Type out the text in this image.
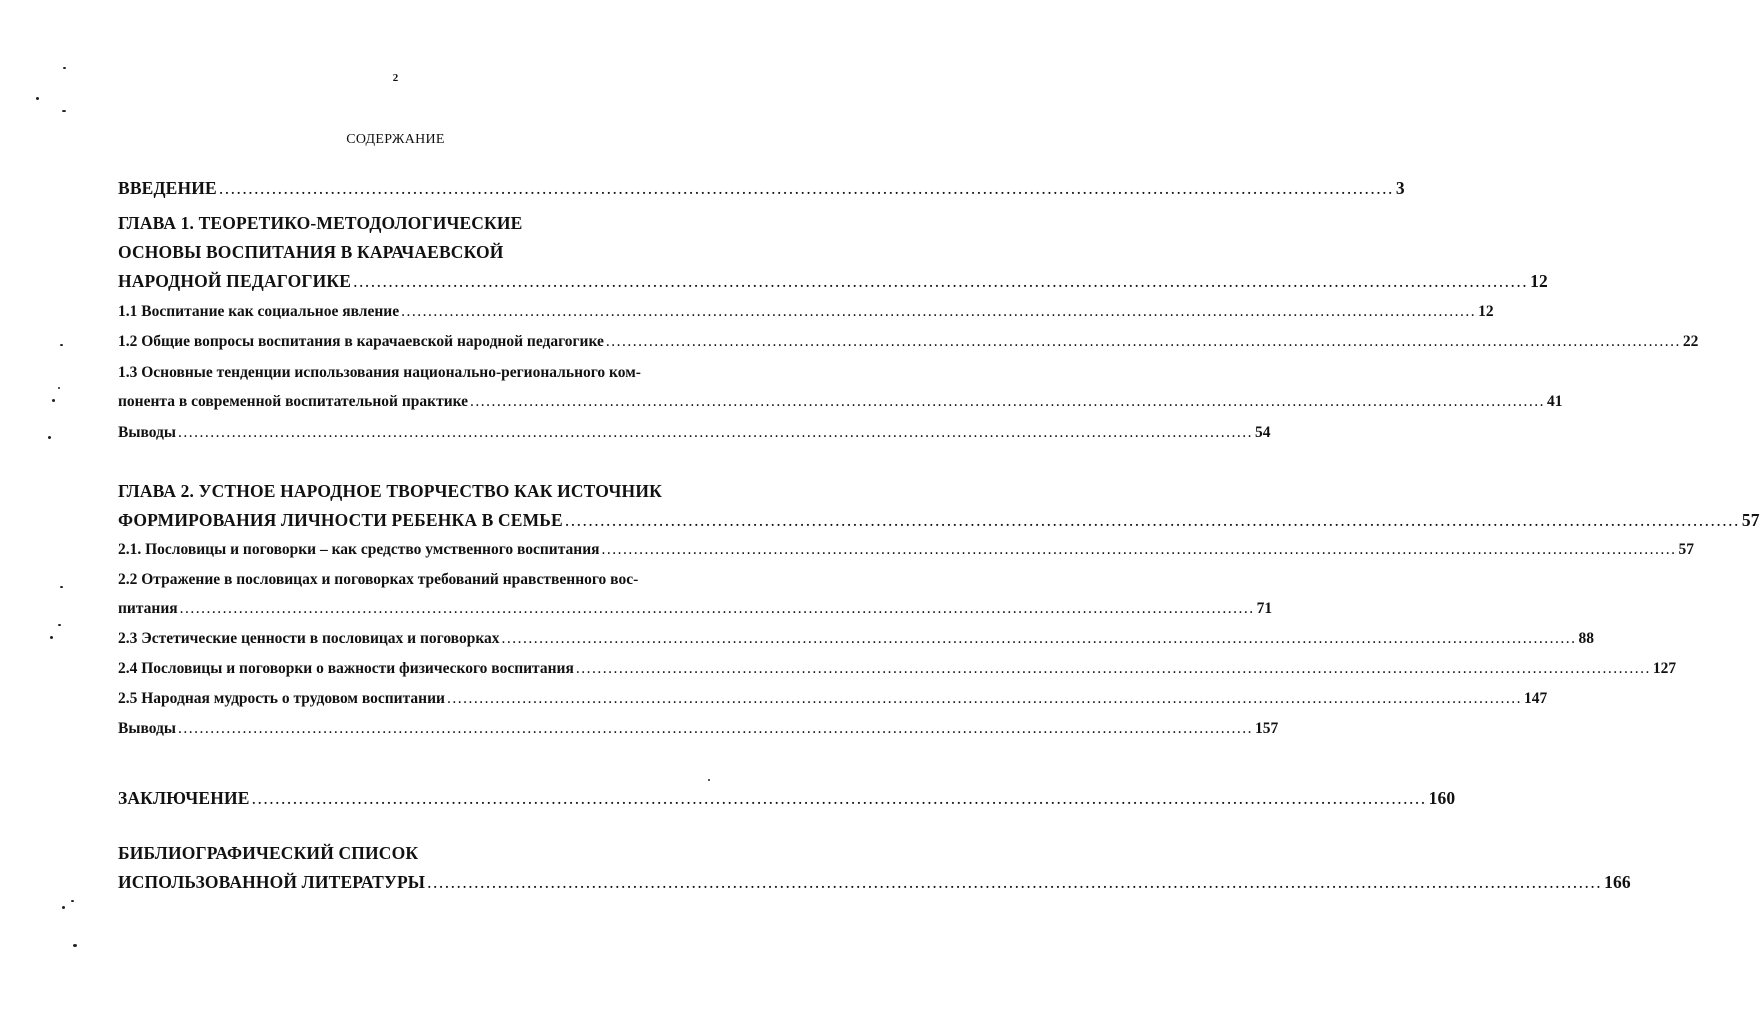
2
СОДЕРЖАНИЕ
ВВЕДЕНИЕ ........................................................................................................................................................................................................ 3
ГЛАВА 1. ТЕОРЕТИКО-МЕТОДОЛОГИЧЕСКИЕ
ОСНОВЫ ВОСПИТАНИЯ В КАРАЧАЕВСКОЙ
НАРОДНОЙ ПЕДАГОГИКЕ ........................................................................................................................................................................................................ 12
1.1 Воспитание как социальное явление ........................................................................................................................................................................................................ 12
1.2 Общие вопросы воспитания в карачаевской народной педагогике ........................................................................................................................................................................................................ 22
1.3 Основные тенденции использования национально-регионального ком-
понента в современной воспитательной практике ........................................................................................................................................................................................................ 41
Выводы ........................................................................................................................................................................................................ 54
ГЛАВА 2. УСТНОЕ НАРОДНОЕ ТВОРЧЕСТВО КАК ИСТОЧНИК
ФОРМИРОВАНИЯ ЛИЧНОСТИ РЕБЕНКА В СЕМЬЕ ........................................................................................................................................................................................................ 57
2.1. Пословицы и поговорки – как средство умственного воспитания ........................................................................................................................................................................................................ 57
2.2 Отражение в пословицах и поговорках требований нравственного вос-
питания ........................................................................................................................................................................................................ 71
2.3 Эстетические ценности в пословицах и поговорках ........................................................................................................................................................................................................ 88
2.4 Пословицы и поговорки о важности физического воспитания ........................................................................................................................................................................................................ 127
2.5 Народная мудрость о трудовом воспитании ........................................................................................................................................................................................................ 147
Выводы ........................................................................................................................................................................................................ 157
ЗАКЛЮЧЕНИЕ ........................................................................................................................................................................................................ 160
БИБЛИОГРАФИЧЕСКИЙ СПИСОК
ИСПОЛЬЗОВАННОЙ ЛИТЕРАТУРЫ ........................................................................................................................................................................................................ 166
